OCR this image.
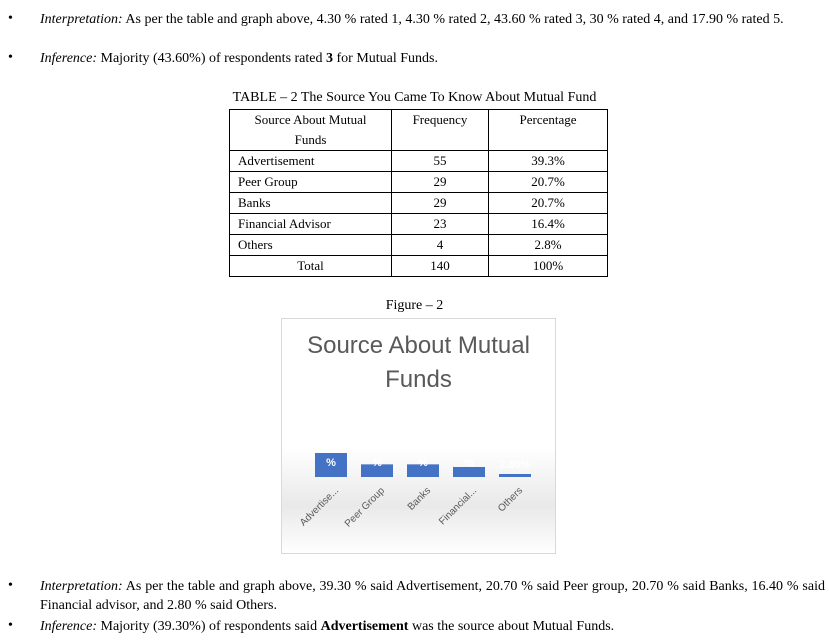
• Interpretation: As per the table and graph above, 4.30 % rated 1, 4.30 % rated 2, 43.60 % rated 3, 30 % rated 4, and 17.90 % rated 5.
• Inference: Majority (43.60%) of respondents rated 3 for Mutual Funds.
TABLE – 2 The Source You Came To Know About Mutual Fund
Source About Mutual Funds	Frequency	Percentage
Advertisement	55	39.3%
Peer Group	29	20.7%
Banks	29	20.7%
Financial Advisor	23	16.4%
Others	4	2.8%
Total	140	100%
Figure – 2
Source About Mutual Funds
39.30 %
Advertise...
20.70 %
Peer Group
20.70 %
Banks
16.40 %
Financial...
2.80%
Others
• Interpretation: As per the table and graph above, 39.30 % said Advertisement, 20.70 % said Peer group, 20.70 % said Banks, 16.40 % said Financial advisor, and 2.80 % said Others.
• Inference: Majority (39.30%) of respondents said Advertisement was the source about Mutual Funds.
